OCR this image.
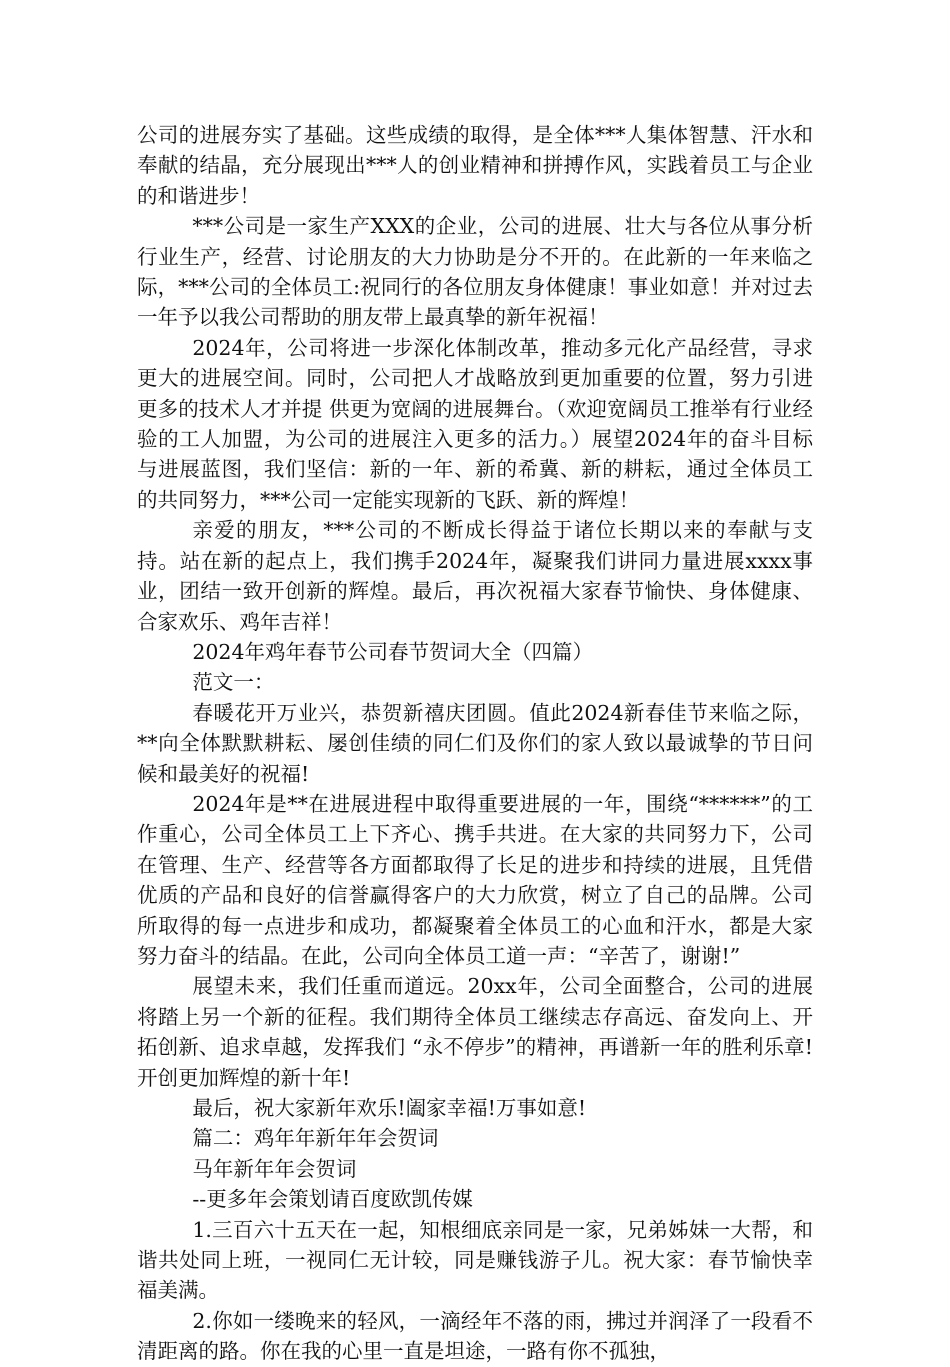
公司的进展夯实了基础。这些成绩的取得，是全体***人集体智慧、汗水和奉献的结晶，充分展现出***人的创业精神和拼搏作风，实践着员工与企业的和谐进步！

***公司是一家生产XXX的企业，公司的进展、壮大与各位从事分析行业生产，经营、讨论朋友的大力协助是分不开的。在此新的一年来临之际，***公司的全体员工:祝同行的各位朋友身体健康！事业如意！并对过去一年予以我公司帮助的朋友带上最真挚的新年祝福！

2024年，公司将进一步深化体制改革，推动多元化产品经营，寻求更大的进展空间。同时，公司把人才战略放到更加重要的位置，努力引进更多的技术人才并提 供更为宽阔的进展舞台。（欢迎宽阔员工推举有行业经验的工人加盟，为公司的进展注入更多的活力。）展望2024年的奋斗目标与进展蓝图，我们坚信：新的一年、新的希冀、新的耕耘，通过全体员工的共同努力，***公司一定能实现新的飞跃、新的辉煌！

亲爱的朋友，***公司的不断成长得益于诸位长期以来的奉献与支持。站在新的起点上，我们携手2024年，凝聚我们讲同力量进展xxxx事业，团结一致开创新的辉煌。最后，再次祝福大家春节愉快、身体健康、合家欢乐、鸡年吉祥！

2024年鸡年春节公司春节贺词大全（四篇）

范文一：

春暖花开万业兴，恭贺新禧庆团圆。值此2024新春佳节来临之际，**向全体默默耕耘、屡创佳绩的同仁们及你们的家人致以最诚挚的节日问候和最美好的祝福!

2024年是**在进展进程中取得重要进展的一年，围绕“******”的工作重心，公司全体员工上下齐心、携手共进。在大家的共同努力下，公司在管理、生产、经营等各方面都取得了长足的进步和持续的进展，且凭借优质的产品和良好的信誉赢得客户的大力欣赏，树立了自己的品牌。公司所取得的每一点进步和成功，都凝聚着全体员工的心血和汗水，都是大家努力奋斗的结晶。在此，公司向全体员工道一声：“辛苦了，谢谢!”

展望未来，我们任重而道远。20xx年，公司全面整合，公司的进展将踏上另一个新的征程。我们期待全体员工继续志存高远、奋发向上、开拓创新、追求卓越，发挥我们 “永不停步”的精神，再谱新一年的胜利乐章!开创更加辉煌的新十年!

最后，祝大家新年欢乐!阖家幸福!万事如意!

篇二：鸡年年新年年会贺词

马年新年年会贺词

--更多年会策划请百度欧凯传媒

1.三百六十五天在一起，知根细底亲同是一家，兄弟姊妹一大帮，和谐共处同上班，一视同仁无计较，同是赚钱游子儿。祝大家：春节愉快幸福美满。

2.你如一缕晚来的轻风，一滴经年不落的雨，拂过并润泽了一段看不清距离的路。你在我的心里一直是坦途，一路有你不孤独，
